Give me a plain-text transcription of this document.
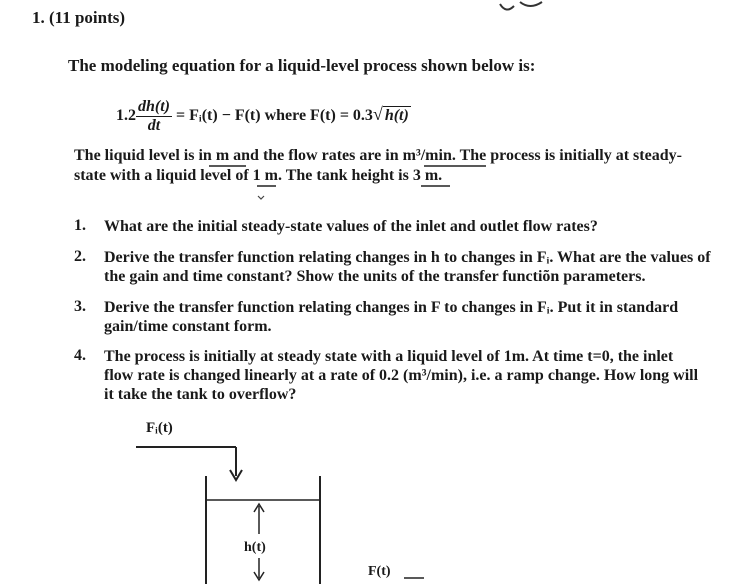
1. (11 points)
The modeling equation for a liquid-level process shown below is:
$1.2 \frac{dh(t)}{dt}$ = Fᵢ(t) − F(t) where F(t) = 0.3√ h(t)
The liquid level is in m and the flow rates are in m³/min. The process is initially at steady-
state with a liquid level of 1 m. The tank height is 3 m.
1. What are the initial steady-state values of the inlet and outlet flow rates?
2. Derive the transfer function relating changes in h to changes in Fᵢ. What are the values of
the gain and time constant? Show the units of the transfer functiõn parameters.
3. Derive the transfer function relating changes in F to changes in Fᵢ. Put it in standard
gain/time constant form.
4. The process is initially at steady state with a liquid level of 1m. At time t=0, the inlet
flow rate is changed linearly at a rate of 0.2 (m³/min), i.e. a ramp change. How long will
it take the tank to overflow?
Fᵢ(t)
h(t)
F(t)
